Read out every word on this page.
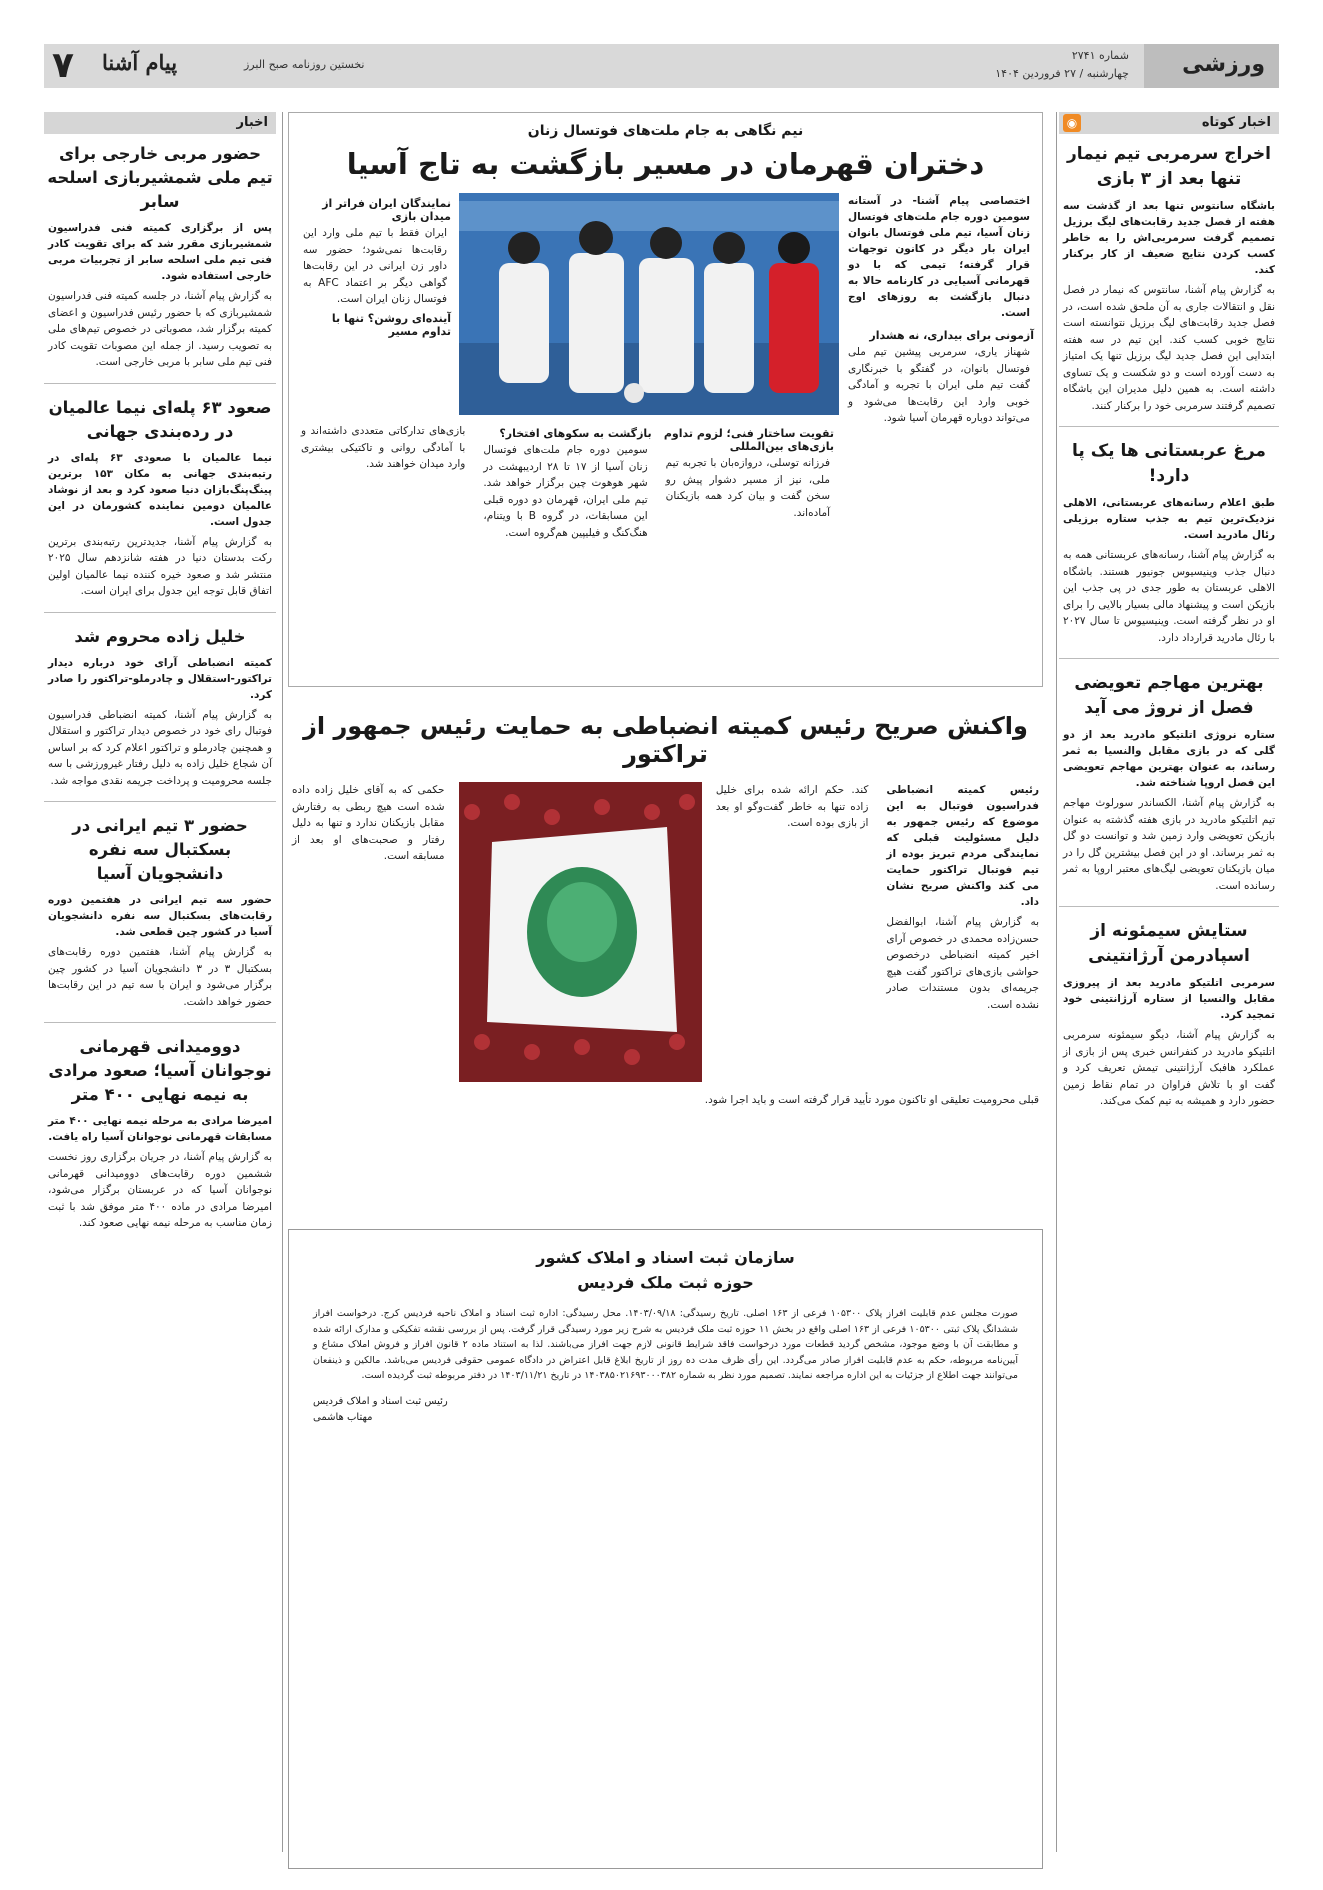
ورزشی
شماره ۲۷۴۱
چهارشنبه / ۲۷ فروردین ۱۴۰۴
نخستین روزنامه صبح البرز
۷ پیام آشنا
اخبار کوتاه
◉
اخراج سرمربی تیم نیمار تنها بعد از ۳ بازی
باشگاه سانتوس تنها بعد از گذشت سه هفته از فصل جدید رقابت‌های لیگ برزیل تصمیم گرفت سرمربی‌اش را به خاطر کسب کردن نتایج ضعیف از کار برکنار کند.
به گزارش پیام آشنا، سانتوس که نیمار در فصل نقل و انتقالات جاری به آن ملحق شده است، ‌در فصل جدید رقابت‌های لیگ برزیل نتوانسته است نتایج خوبی کسب کند. این تیم در سه هفته ابتدایی این فصل جدید لیگ برزیل تنها یک امتیاز به دست آورده است و دو شکست و یک تساوی داشته است. به همین دلیل مدیران این باشگاه تصمیم گرفتند سرمربی خود را برکنار کنند.
مرغ عربستانی ها یک پا دارد!
طبق اعلام رسانه‌های عربستانی، الاهلی نزدیک‌ترین تیم به جذب ستاره برزیلی رئال مادرید است.
به گزارش پیام آشنا، رسانه‌های عربستانی همه به دنبال جذب وینیسیوس جونیور هستند. باشگاه الاهلی عربستان به طور جدی در پی جذب این بازیکن است و پیشنهاد مالی بسیار بالایی را برای او در نظر گرفته است. وینیسیوس تا سال ۲۰۲۷ با رئال مادرید قرارداد دارد.
بهترین مهاجم تعویضی فصل از نروژ می آید
ستاره نروژی اتلتیکو مادرید بعد از دو گلی که در بازی مقابل والنسیا به ثمر رساند، به عنوان بهترین مهاجم تعویضی این فصل اروپا شناخته شد.
به گزارش پیام آشنا، الکساندر سورلوث مهاجم تیم اتلتیکو مادرید در بازی هفته گذشته به عنوان بازیکن تعویضی وارد زمین شد و توانست دو گل به ثمر برساند. او در این فصل بیشترین گل را در میان بازیکنان تعویضی لیگ‌های معتبر اروپا به ثمر رسانده است.
ستایش سیمئونه از اسپادرمن آرژانتینی
سرمربی اتلتیکو مادرید بعد از پیروزی مقابل والنسیا از ستاره آرژانتینی خود تمجید کرد.
به گزارش پیام آشنا، دیگو سیمئونه سرمربی اتلتیکو مادرید در کنفرانس خبری پس از بازی از عملکرد هافبک آرژانتینی تیمش تعریف کرد و گفت او با تلاش فراوان در تمام نقاط زمین حضور دارد و همیشه به تیم کمک می‌کند.
نیم نگاهی به جام ملت‌های فوتسال زنان
دختران قهرمان در مسیر بازگشت به تاج آسیا
اختصاصی پیام آشنا- در آستانه سومین دوره جام ملت‌های فوتسال زنان آسیا، تیم ملی فوتسال بانوان ایران بار دیگر در کانون توجهات قرار گرفته؛ تیمی که با دو قهرمانی آسیایی در کارنامه حالا به دنبال بازگشت به روزهای اوج است.
آزمونی برای بیداری، نه هشدار
شهناز یاری، سرمربی پیشین تیم ملی فوتسال بانوان، در گفتگو با خبرنگاری گفت تیم ملی ایران با تجربه و آمادگی خوبی وارد این رقابت‌ها می‌شود و می‌تواند دوباره قهرمان آسیا شود.
نمایندگان ایران فراتر از میدان بازی
ایران فقط با تیم ملی وارد این رقابت‌ها نمی‌شود؛ حضور سه داور زن ایرانی در این رقابت‌ها گواهی دیگر بر اعتماد AFC به فوتسال زنان ایران است.
آینده‌ای روشن؟ تنها با تداوم مسیر
تقویت ساختار فنی؛ لزوم تداوم بازی‌های بین‌المللی
فرزانه توسلی، دروازه‌بان با تجربه تیم ملی، نیز از مسیر دشوار پیش رو سخن گفت و بیان کرد همه بازیکنان آماده‌اند.
بازگشت به سکوهای افتخار؟
سومین دوره جام ملت‌های فوتسال زنان آسیا از ۱۷ تا ۲۸ اردیبهشت در شهر هوهوت چین برگزار خواهد شد. تیم ملی ایران، قهرمان دو دوره قبلی این مسابقات، در گروه B با ویتنام، هنگ‌کنگ و فیلیپین هم‌گروه است.
بازی‌های تدارکاتی متعددی داشته‌اند و با آمادگی روانی و تاکتیکی بیشتری وارد میدان خواهند شد.
واکنش صریح رئیس کمیته انضباطی به حمایت رئیس جمهور از تراکتور
رئیس کمیته انضباطی فدراسیون فوتبال به این موضوع که رئیس جمهور به دلیل مسئولیت قبلی که نمایندگی مردم تبریز بوده از تیم فوتبال تراکتور حمایت می کند واکنش صریح نشان داد.
به گزارش پیام آشنا، ابوالفضل حسن‌زاده محمدی در خصوص آرای اخیر کمیته انضباطی درخصوص حواشی بازی‌های تراکتور گفت هیچ جریمه‌ای بدون مستندات صادر نشده است.
کند. حکم ارائه شده برای خلیل زاده تنها به خاطر گفت‌وگو او بعد از بازی بوده است.
حکمی که به آقای خلیل زاده داده شده است هیچ ربطی به رفتارش مقابل بازیکنان ندارد و تنها به دلیل رفتار و صحبت‌های او بعد از مسابقه است.
قبلی محرومیت تعلیقی او تاکنون مورد تأیید قرار گرفته است و باید اجرا شود.
سازمان ثبت اسناد و املاک کشور
حوزه ثبت ملک فردیس
صورت مجلس عدم قابلیت افراز پلاک ۱۰۵۳۰۰ فرعی از ۱۶۳ اصلی. تاریخ رسیدگی: ۱۴۰۳/۰۹/۱۸. محل رسیدگی: اداره ثبت اسناد و املاک ناحیه فردیس کرج. درخواست افراز ششدانگ پلاک ثبتی ۱۰۵۳۰۰ فرعی از ۱۶۳ اصلی واقع در بخش ۱۱ حوزه ثبت ملک فردیس به شرح زیر مورد رسیدگی قرار گرفت. پس از بررسی نقشه تفکیکی و مدارک ارائه شده و مطابقت آن با وضع موجود، مشخص گردید قطعات مورد درخواست فاقد شرایط قانونی لازم جهت افراز می‌باشند. لذا به استناد ماده ۲ قانون افراز و فروش املاک مشاع و آیین‌نامه مربوطه، حکم به عدم قابلیت افراز صادر می‌گردد. این رأی ظرف مدت ده روز از تاریخ ابلاغ قابل اعتراض در دادگاه عمومی حقوقی فردیس می‌باشد. مالکین و ذینفعان می‌توانند جهت اطلاع از جزئیات به این اداره مراجعه نمایند. تصمیم مورد نظر به شماره ۱۴۰۳۸۵۰۲۱۶۹۳۰۰۰۳۸۲ در تاریخ ۱۴۰۳/۱۱/۲۱ در دفتر مربوطه ثبت گردیده است.
رئیس ثبت اسناد و املاک فردیس
مهتاب هاشمی
اخبار
حضور مربی خارجی برای تیم ملی شمشیربازی اسلحه سابر
پس از برگزاری کمیته فنی فدراسیون شمشیربازی مقرر شد که برای تقویت کادر فنی تیم ملی اسلحه سابر از تجربیات مربی خارجی استفاده شود.
به گزارش پیام آشنا، در جلسه کمیته فنی فدراسیون شمشیربازی که با حضور رئیس فدراسیون و اعضای کمیته برگزار شد، مصوباتی در خصوص تیم‌های ملی به تصویب رسید. از جمله این مصوبات تقویت کادر فنی تیم ملی سابر با مربی خارجی است.
صعود ۶۳ پله‌ای نیما عالمیان در رده‌بندی جهانی
نیما عالمیان با صعودی ۶۳ پله‌ای در رتبه‌بندی جهانی به مکان ۱۵۳ برترین پینگ‌پنگ‌بازان دنیا صعود کرد و بعد از نوشاد عالمیان دومین نماینده کشورمان در این جدول است.
به گزارش پیام آشنا، جدیدترین رتبه‌بندی برترین رکت بدستان دنیا در هفته شانزدهم سال ۲۰۲۵ منتشر شد و صعود خیره کننده نیما عالمیان اولین اتفاق قابل توجه این جدول برای ایران است.
خلیل زاده محروم شد
کمیته انضباطی آرای خود درباره دیدار تراکتور-استقلال و چادرملو-تراکتور را صادر کرد.
به گزارش پیام آشنا، کمیته انضباطی فدراسیون فوتبال رای خود در خصوص دیدار تراکتور و استقلال و همچنین چادرملو و تراکتور اعلام کرد که بر اساس آن شجاع خلیل زاده به دلیل رفتار غیرورزشی با سه جلسه محرومیت و پرداخت جریمه نقدی مواجه شد.
حضور ۳ تیم ایرانی در بسکتبال سه نفره دانشجویان آسیا
حضور سه تیم ایرانی در هفتمین دوره رقابت‌های بسکتبال سه نفره دانشجویان آسیا در کشور چین قطعی شد.
به گزارش پیام آشنا، هفتمین دوره رقابت‌های بسکتبال ۳ در ۳ دانشجویان آسیا در کشور چین برگزار می‌شود و ایران با سه تیم در این رقابت‌ها حضور خواهد داشت.
دوومیدانی قهرمانی نوجوانان آسیا؛ صعود مرادی به نیمه نهایی ۴۰۰ متر
امیرضا مرادی به مرحله نیمه نهایی ۴۰۰ متر مسابقات قهرمانی نوجوانان آسیا راه یافت.
به گزارش پیام آشنا، در جریان برگزاری روز نخست ششمین دوره رقابت‌های دوومیدانی قهرمانی نوجوانان آسیا که در عربستان برگزار می‌شود، امیرضا مرادی در ماده ۴۰۰ متر موفق شد با ثبت زمان مناسب به مرحله نیمه نهایی صعود کند.
